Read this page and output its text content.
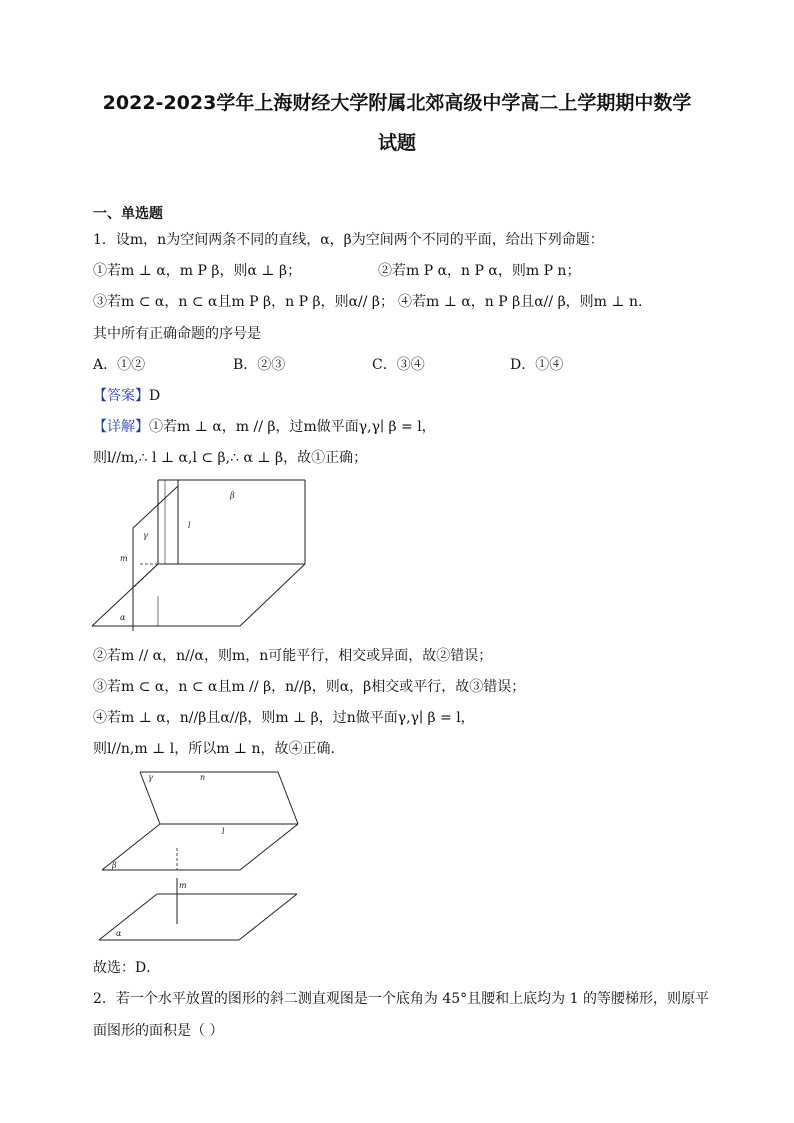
2022-2023学年上海财经大学附属北郊高级中学高二上学期期中数学
试题
一、单选题
1．设m，n为空间两条不同的直线，α，β为空间两个不同的平面，给出下列命题：
①若m ⊥ α，m P β，则α ⊥ β；	②若m P α，n P α，则m P n；
③若m ⊂ α，n ⊂ α且m P β，n P β，则α// β； ④若m ⊥ α，n P β且α// β，则m ⊥ n.
其中所有正确命题的序号是
A．①②	B．②③	C．③④	D．①④
【答案】D
【详解】①若m ⊥ α，m // β，过m做平面γ,γ∣ β = l，
则l//m,∴ l ⊥ α,l ⊂ β,∴ α ⊥ β，故①正确；
β
γ
l
m
α
②若m // α，n//α，则m，n可能平行，相交或异面，故②错误；
③若m ⊂ α，n ⊂ α且m // β，n//β，则α，β相交或平行，故③错误；
④若m ⊥ α，n//β且α//β，则m ⊥ β，过n做平面γ,γ∣ β = l，
则l//n,m ⊥ l，所以m ⊥ n，故④正确.
γ	n
l
β
m
α
故选：D．
2．若一个水平放置的图形的斜二测直观图是一个底角为 45°且腰和上底均为 1 的等腰梯形，则原平
面图形的面积是（ ）
